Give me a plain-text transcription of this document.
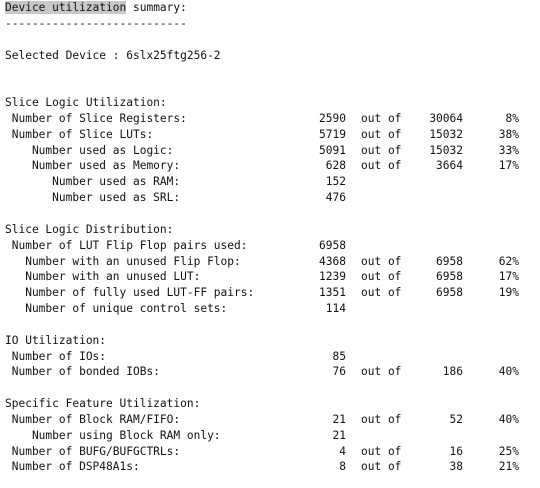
Device utilization summary:
---------------------------
Selected Device : 6slx25ftg256-2
Slice Logic Utilization:
Number of Slice Registers:	2590 out of 30064	8%
Number of Slice LUTs:	5719 out of 15032	38%
Number used as Logic:	5091 out of 15032	33%
Number used as Memory:	628 out of	3664	17%
Number used as RAM:	152
Number used as SRL:	476
Slice Logic Distribution:
Number of LUT Flip Flop pairs used:	6958
Number with an unused Flip Flop:	4368 out of	6958	62%
Number with an unused LUT:	1239 out of	6958	17%
Number of fully used LUT-FF pairs:	1351 out of	6958	19%
Number of unique control sets:	114
IO Utilization:
Number of IOs:	85
Number of bonded IOBs:	76 out of	186	40%
Specific Feature Utilization:
Number of Block RAM/FIFO:	21 out of	52	40%
Number using Block RAM only:	21
Number of BUFG/BUFGCTRLs:	4 out of	16	25%
Number of DSP48A1s:	8 out of	38	21%
